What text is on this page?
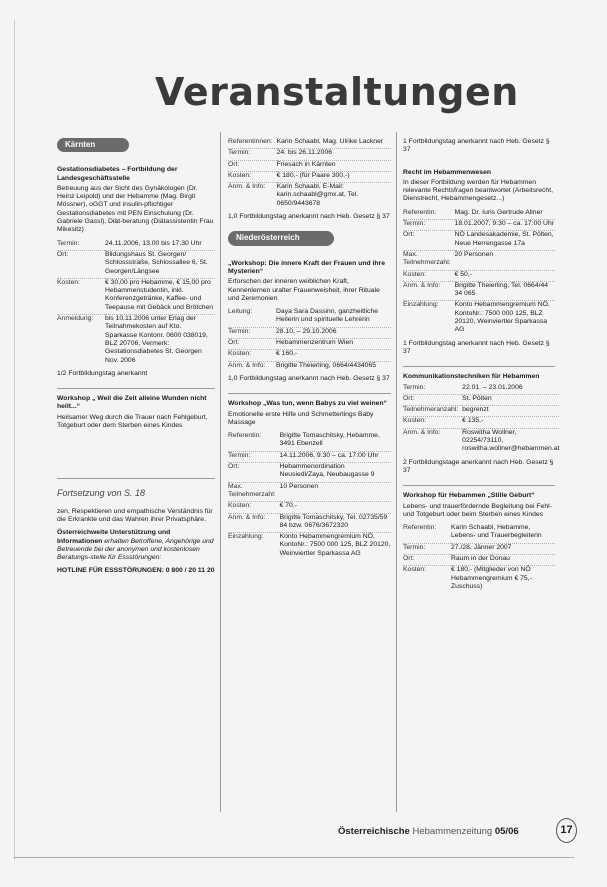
Veranstaltungen
Kärnten
Gestationsdiabetes – Fortbildung der Landesgeschäftsstelle
Betreuung aus der Sicht des Gynäkologen (Dr. Heinz Leipold) und der Hebamme (Mag. Birgit Mössner), oGGT und insulin-pflichtiger Gestationsdiabetes mit PEN Einschulung (Dr. Gabriele Gassl), Diät-beratung (Diätassistentin Frau Mikesitz)
Termin:	24.11.2006, 13.00 bis 17.30 Uhr
Ort:	Bildungshaus St. Georgen/ Schlossstraße, Schlossallee 6, St. Georgen/Längsee
Kosten:	€ 30,00 pro Hebamme, € 15,00 pro Hebammenstudentin, inkl. Konferenzgetränke, Kaffee- und Teepause mit Gebäck und Brötchen
Anmeldung:	bis 10.11.2006 unter Erlag der Teilnahmekosten auf Kto. Sparkasse Kontonr. 0600 038019, BLZ 20706, Vermerk: Gestationsdiabetes St. Georgen Nov. 2006
1/2 Fortbildungstag anerkannt
Workshop „ Weil die Zeit alleine Wunden nicht heilt...“
Heilsamer Weg durch die Trauer nach Fehlgeburt, Totgeburt oder dem Sterben eines Kindes
Fortsetzung von S. 18
zen, Respektieren und empathische Verständnis für die Erkrankte und das Wahren ihrer Privatsphäre.
Österreichweite Unterstützung und Informationen erhalten Betroffene, Angehörige und Betreuende bei der anonymen und kostenlosen Beratungs-stelle für Essstörungen:
HOTLINE FÜR ESSSTÖRUNGEN: 0 800 / 20 11 20
Referentinnen:	Karin Schaabl, Mag. Ulrike Lackner
Termin:	24. bis 26.11.2006
Ort:	Friesach in Kärnten
Kosten:	€ 180,- (für Paare 300,-)
Anm. & Info:	Karin Schaabl, E-Mail: karin.schaabl@gmx.at, Tel. 0650/9443678
1,0 Fortbildungstag anerkannt nach Heb. Gesetz § 37
Niederösterreich
„Workshop: Die innere Kraft der Frauen und ihre Mysterien“
Erforschen der inneren weiblichen Kraft, Kennenlernen uralter Frauenweisheit, ihrer Rituale und Zeremonien
Leitung:	Daya Sara Dassinn, ganzheitliche Heilerin und spirituelle Lehrerin
Termin:	28.10. – 29.10.2006
Ort:	Hebammenzentrum Wien
Kosten:	€ 160,-
Anm. & Info:	Brigitte Theierling, 0664/4434065
1,0 Fortbildungstag anerkannt nach Heb. Gesetz § 37
Workshop „Was tun, wenn Babys zu viel weinen“
Emotionelle erste Hilfe und Schmetterlings Baby Massage
Referentin:	Brigitte Tomaschitsky, Hebamme, 3491 Ebenzell
Termin:	14.11.2006, 9:30 – ca. 17:00 Uhr
Ort:	Hebammenordination Neusiedl/Zaya, Neubaugasse 9
Max. Teilnehmerzahl:	10 Personen
Kosten:	€ 70,-
Anm. & Info:	Brigitte Tomaschitsky, Tel. 02735/59 84 bzw. 0676/3672320
Einzahlung:	Konto Hebammengremium NÖ, KontoNr.: 7500 000 125, BLZ 20120, Weinviertler Sparkassa AG
1 Fortbildungstag anerkannt nach Heb. Gesetz § 37
Recht im Hebammenwesen
In dieser Fortbildung werden für Hebammen relevante Rechtsfragen beantwortet (Arbeitsrecht, Dienstrecht, Hebammengesetz...)
Referentin:	Mag. Dr. Iuris Gertrude Allner
Termin:	18.01.2007, 9:30 – ca. 17:00 Uhr
Ort:	NÖ Landesakademie, St. Pölten, Neue Herrengasse 17a
Max. Teilnehmerzahl:	20 Personen
Kosten:	€ 50,-
Anm. & Info:	Brigitte Theierling, Tel. 0664/44 34 065
Einzahlung:	Konto Hebammengremium NÖ, KontoNr.: 7500 000 125, BLZ 20120, Weinviertler Sparkassa AG
1 Fortbildungstag anerkannt nach Heb. Gesetz § 37
Kommunikationstechniken für Hebammen
Termin:	22.01. – 23.01.2006
Ort:	St. Pölten
Teilnehmeranzahl:	begrenzt
Kosten:	€ 135,-
Anm. & Info:	Roswitha Wollner, 02254/73110, roswitha.wollner@hebammen.at
2 Fortbildungstage anerkannt nach Heb. Gesetz § 37
Workshop für Hebammen „Stille Geburt“
Lebens- und trauerfördernde Begleitung bei Fehl- und Totgeburt oder beim Sterben eines Kindes
Referentin:	Karin Schaabl, Hebamme, Lebens- und Trauerbegleiterin
Termin:	27./28. Jänner 2007
Ort:	Raum in der Donau
Kosten:	€ 180,- (Mitglieder von NÖ Hebammengremium € 75,- Zuschuss)
Österreichische Hebammenzeitung 05/06	17
